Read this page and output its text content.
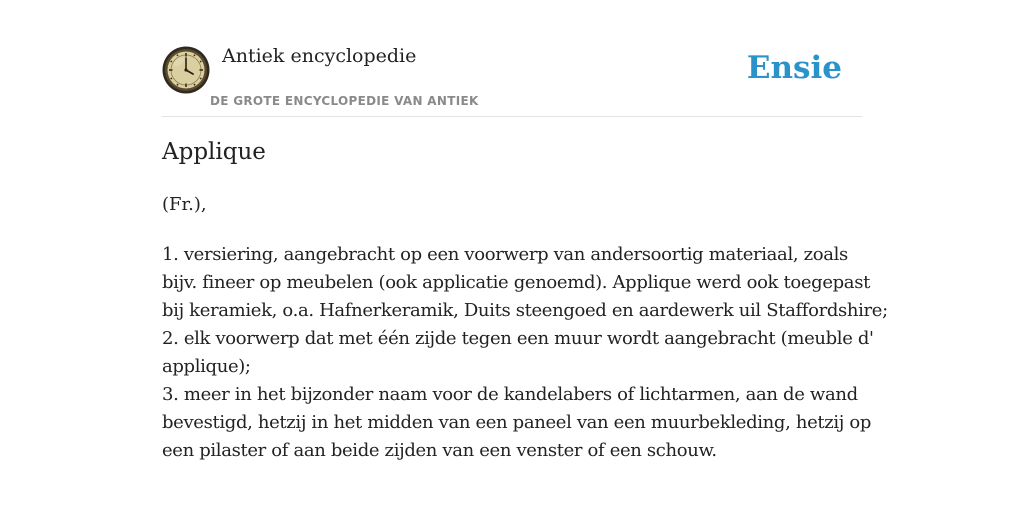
Antiek encyclopedie
DE GROTE ENCYCLOPEDIE VAN ANTIEK
Ensie
Applique
(Fr.),
1. versiering, aangebracht op een voorwerp van andersoortig materiaal, zoals
bijv. fineer op meubelen (ook applicatie genoemd). Applique werd ook toegepast
bij keramiek, o.a. Hafnerkeramik, Duits steengoed en aardewerk uil Staffordshire;
2. elk voorwerp dat met één zijde tegen een muur wordt aangebracht (meuble d'
applique);
3. meer in het bijzonder naam voor de kandelabers of lichtarmen, aan de wand
bevestigd, hetzij in het midden van een paneel van een muurbekleding, hetzij op
een pilaster of aan beide zijden van een venster of een schouw.
